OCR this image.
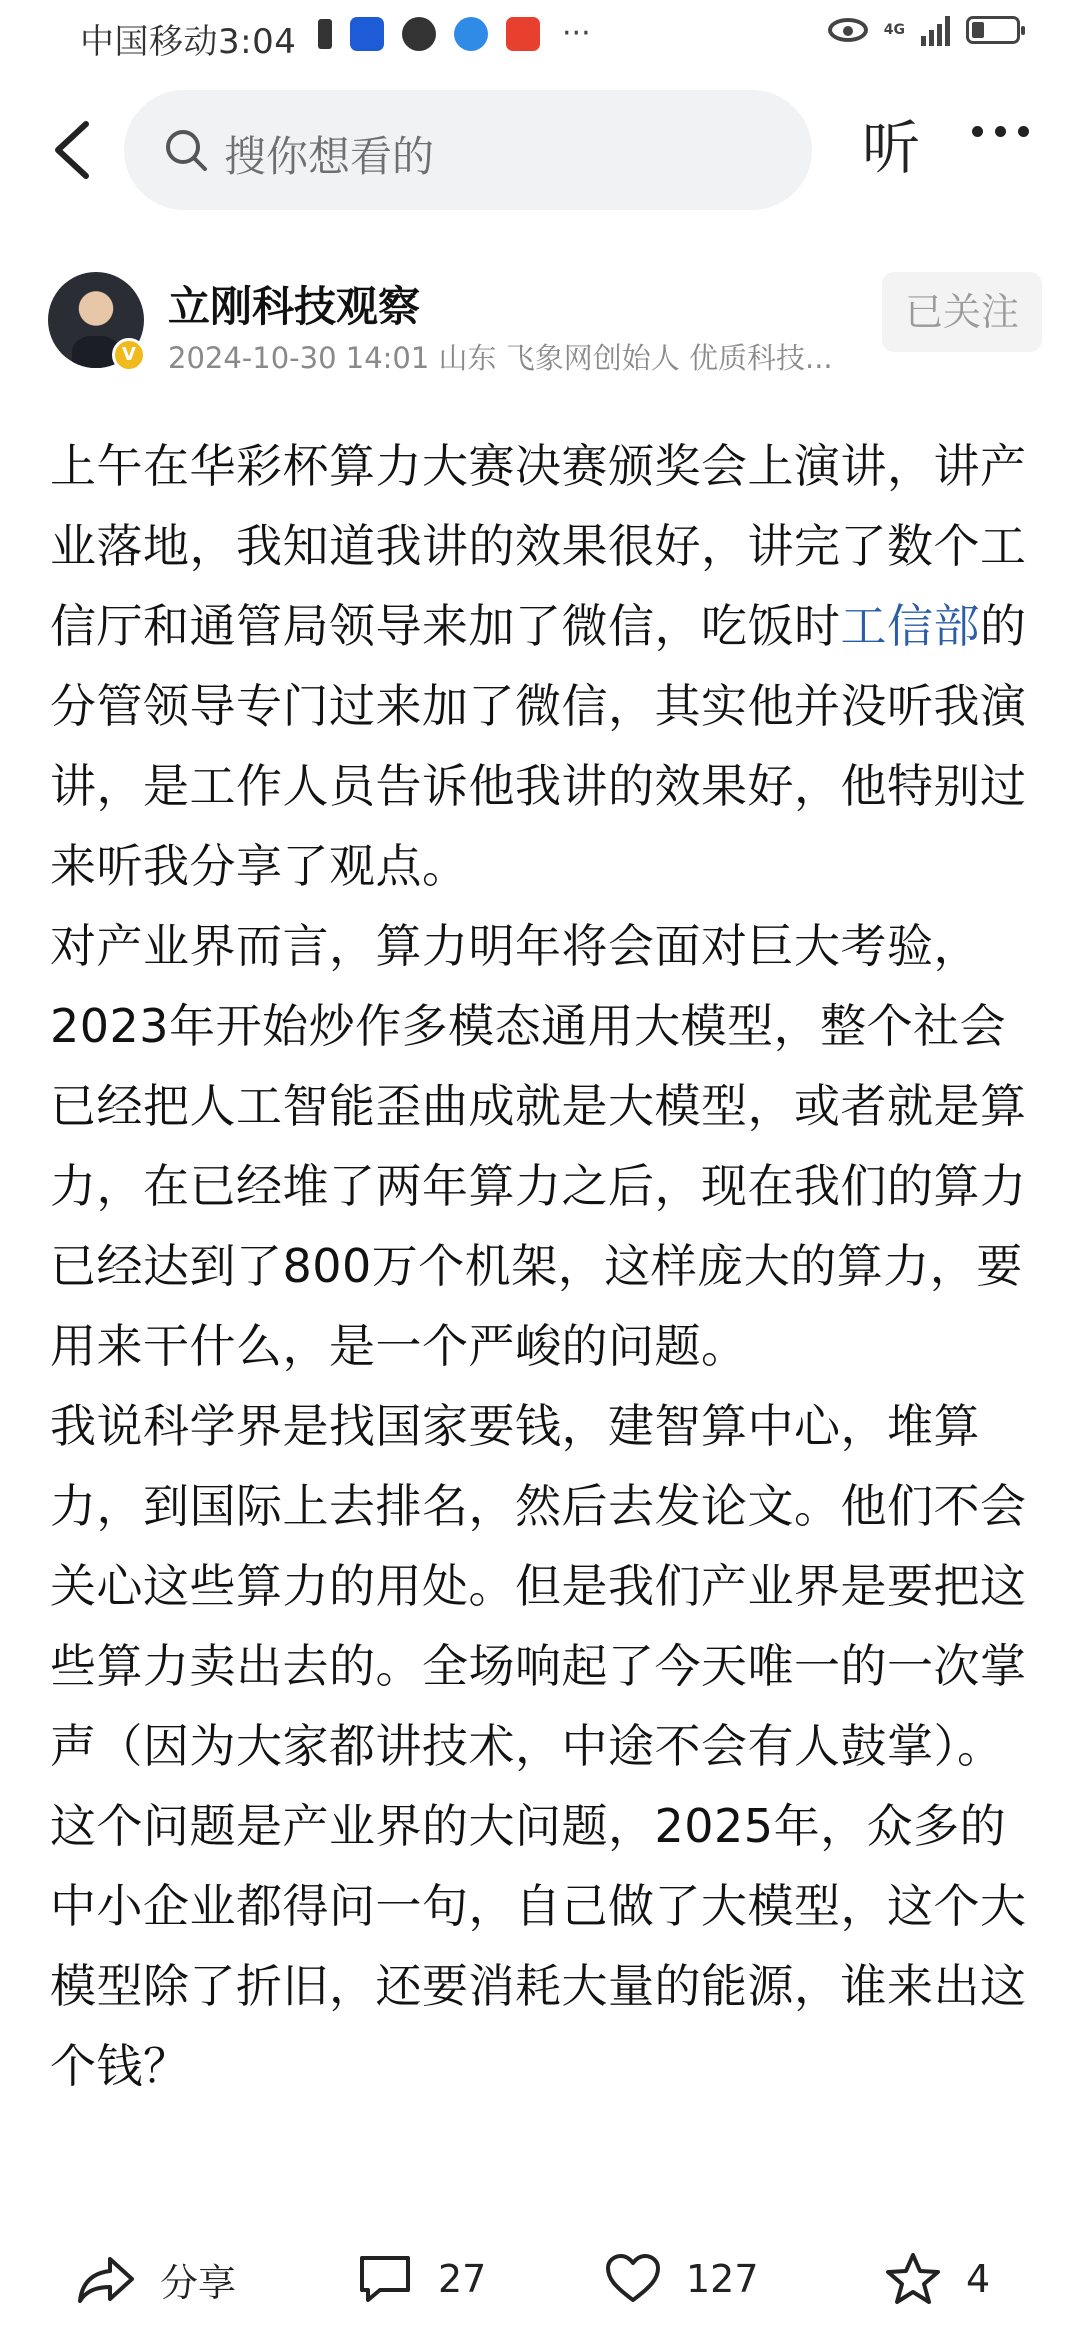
中国移动3:04	···	4G
搜你想看的	听
V
立刚科技观察
2024-10-30 14:01 山东 飞象网创始人 优质科技...
已关注

上午在华彩杯算力大赛决赛颁奖会上演讲，讲产业落地，我知道我讲的效果很好，讲完了数个工信厅和通管局领导来加了微信，吃饭时工信部的分管领导专门过来加了微信，其实他并没听我演讲，是工作人员告诉他我讲的效果好，他特别过来听我分享了观点。

对产业界而言，算力明年将会面对巨大考验，2023年开始炒作多模态通用大模型，整个社会已经把人工智能歪曲成就是大模型，或者就是算力，在已经堆了两年算力之后，现在我们的算力已经达到了800万个机架，这样庞大的算力，要用来干什么，是一个严峻的问题。

我说科学界是找国家要钱，建智算中心，堆算力，到国际上去排名，然后去发论文。他们不会关心这些算力的用处。但是我们产业界是要把这些算力卖出去的。全场响起了今天唯一的一次掌声（因为大家都讲技术，中途不会有人鼓掌）。

这个问题是产业界的大问题，2025年，众多的中小企业都得问一句，自己做了大模型，这个大模型除了折旧，还要消耗大量的能源，谁来出这个钱？

分享	27	127	4
